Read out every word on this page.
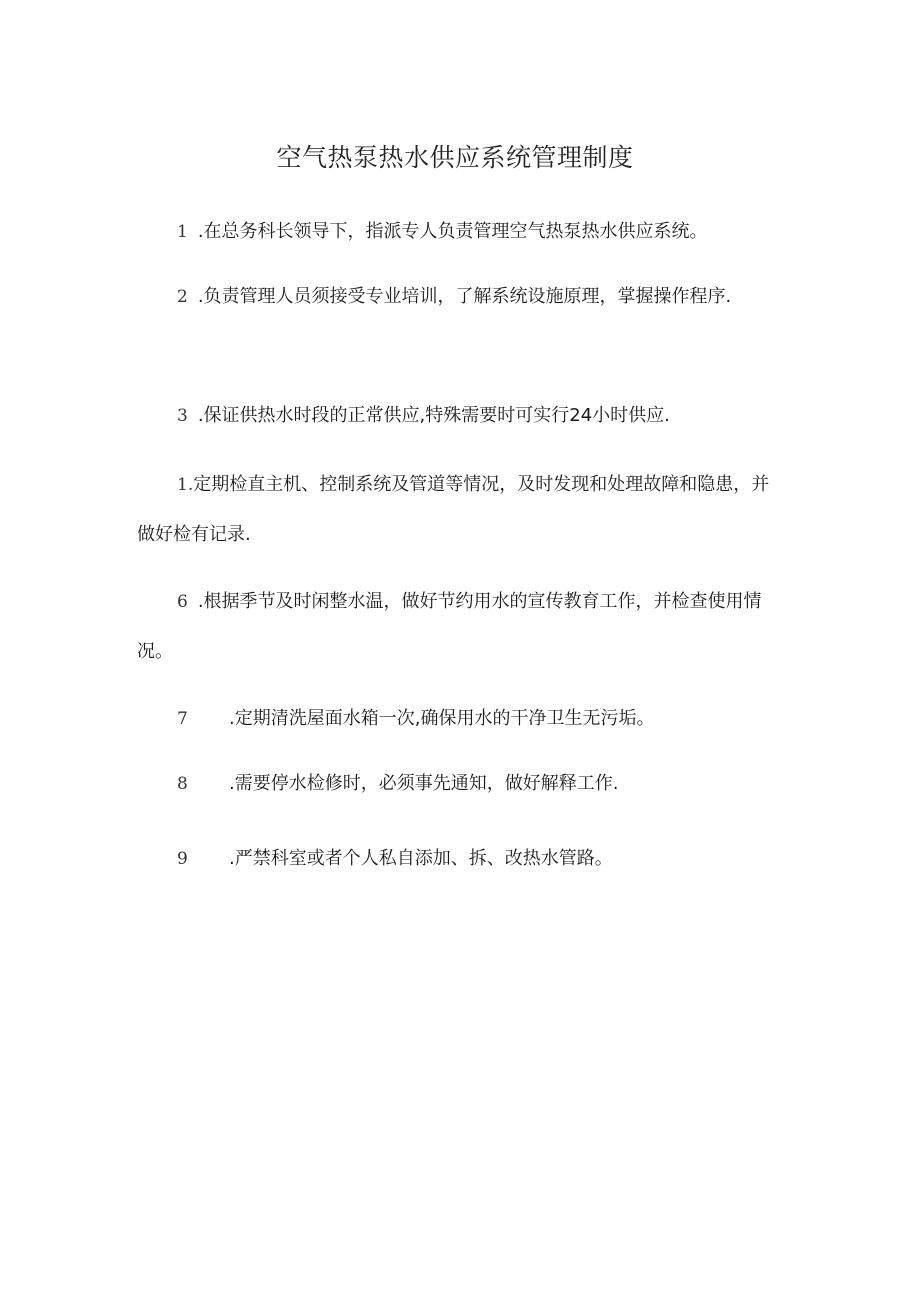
空气热泵热水供应系统管理制度

1 .在总务科长领导下，指派专人负责管理空气热泵热水供应系统。

2 .负责管理人员须接受专业培训，了解系统设施原理，掌握操作程序.

3 .保证供热水时段的正常供应,特殊需要时可实行24小时供应.

1.定期检直主机、控制系统及管道等情况，及时发现和处理故障和隐患，并做好检有记录.

6 .根据季节及时闲整水温，做好节约用水的宣传教育工作，并检查使用情况。

7 .定期清洗屋面水箱一次,确保用水的干净卫生无污垢。

8 .需要停水检修时，必须事先通知，做好解释工作.

9 .严禁科室或者个人私自添加、拆、改热水管路。
